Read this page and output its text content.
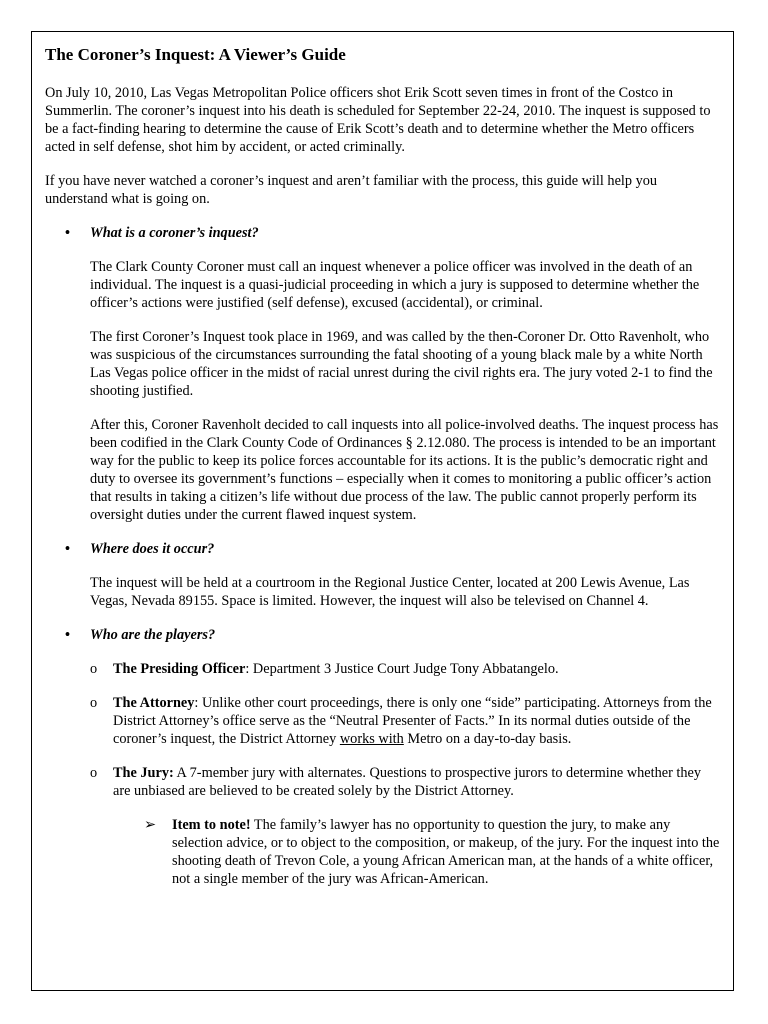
The Coroner’s Inquest: A Viewer’s Guide

On July 10, 2010, Las Vegas Metropolitan Police officers shot Erik Scott seven times in front of the Costco in Summerlin. The coroner’s inquest into his death is scheduled for September 22-24, 2010. The inquest is supposed to be a fact-finding hearing to determine the cause of Erik Scott’s death and to determine whether the Metro officers acted in self defense, shot him by accident, or acted criminally.

If you have never watched a coroner’s inquest and aren’t familiar with the process, this guide will help you understand what is going on.

• What is a coroner’s inquest?

The Clark County Coroner must call an inquest whenever a police officer was involved in the death of an individual. The inquest is a quasi-judicial proceeding in which a jury is supposed to determine whether the officer’s actions were justified (self defense), excused (accidental), or criminal.

The first Coroner’s Inquest took place in 1969, and was called by the then-Coroner Dr. Otto Ravenholt, who was suspicious of the circumstances surrounding the fatal shooting of a young black male by a white North Las Vegas police officer in the midst of racial unrest during the civil rights era. The jury voted 2-1 to find the shooting justified.

After this, Coroner Ravenholt decided to call inquests into all police-involved deaths. The inquest process has been codified in the Clark County Code of Ordinances § 2.12.080. The process is intended to be an important way for the public to keep its police forces accountable for its actions. It is the public’s democratic right and duty to oversee its government’s functions – especially when it comes to monitoring a public officer’s action that results in taking a citizen’s life without due process of the law. The public cannot properly perform its oversight duties under the current flawed inquest system.

• Where does it occur?

The inquest will be held at a courtroom in the Regional Justice Center, located at 200 Lewis Avenue, Las Vegas, Nevada 89155. Space is limited. However, the inquest will also be televised on Channel 4.

• Who are the players?
o The Presiding Officer: Department 3 Justice Court Judge Tony Abbatangelo.
o The Attorney: Unlike other court proceedings, there is only one “side” participating. Attorneys from the District Attorney’s office serve as the “Neutral Presenter of Facts.” In its normal duties outside of the coroner’s inquest, the District Attorney works with Metro on a day-to-day basis.
o The Jury: A 7-member jury with alternates. Questions to prospective jurors to determine whether they are unbiased are believed to be created solely by the District Attorney.
➢ Item to note! The family’s lawyer has no opportunity to question the jury, to make any selection advice, or to object to the composition, or makeup, of the jury. For the inquest into the shooting death of Trevon Cole, a young African American man, at the hands of a white officer, not a single member of the jury was African-American.
